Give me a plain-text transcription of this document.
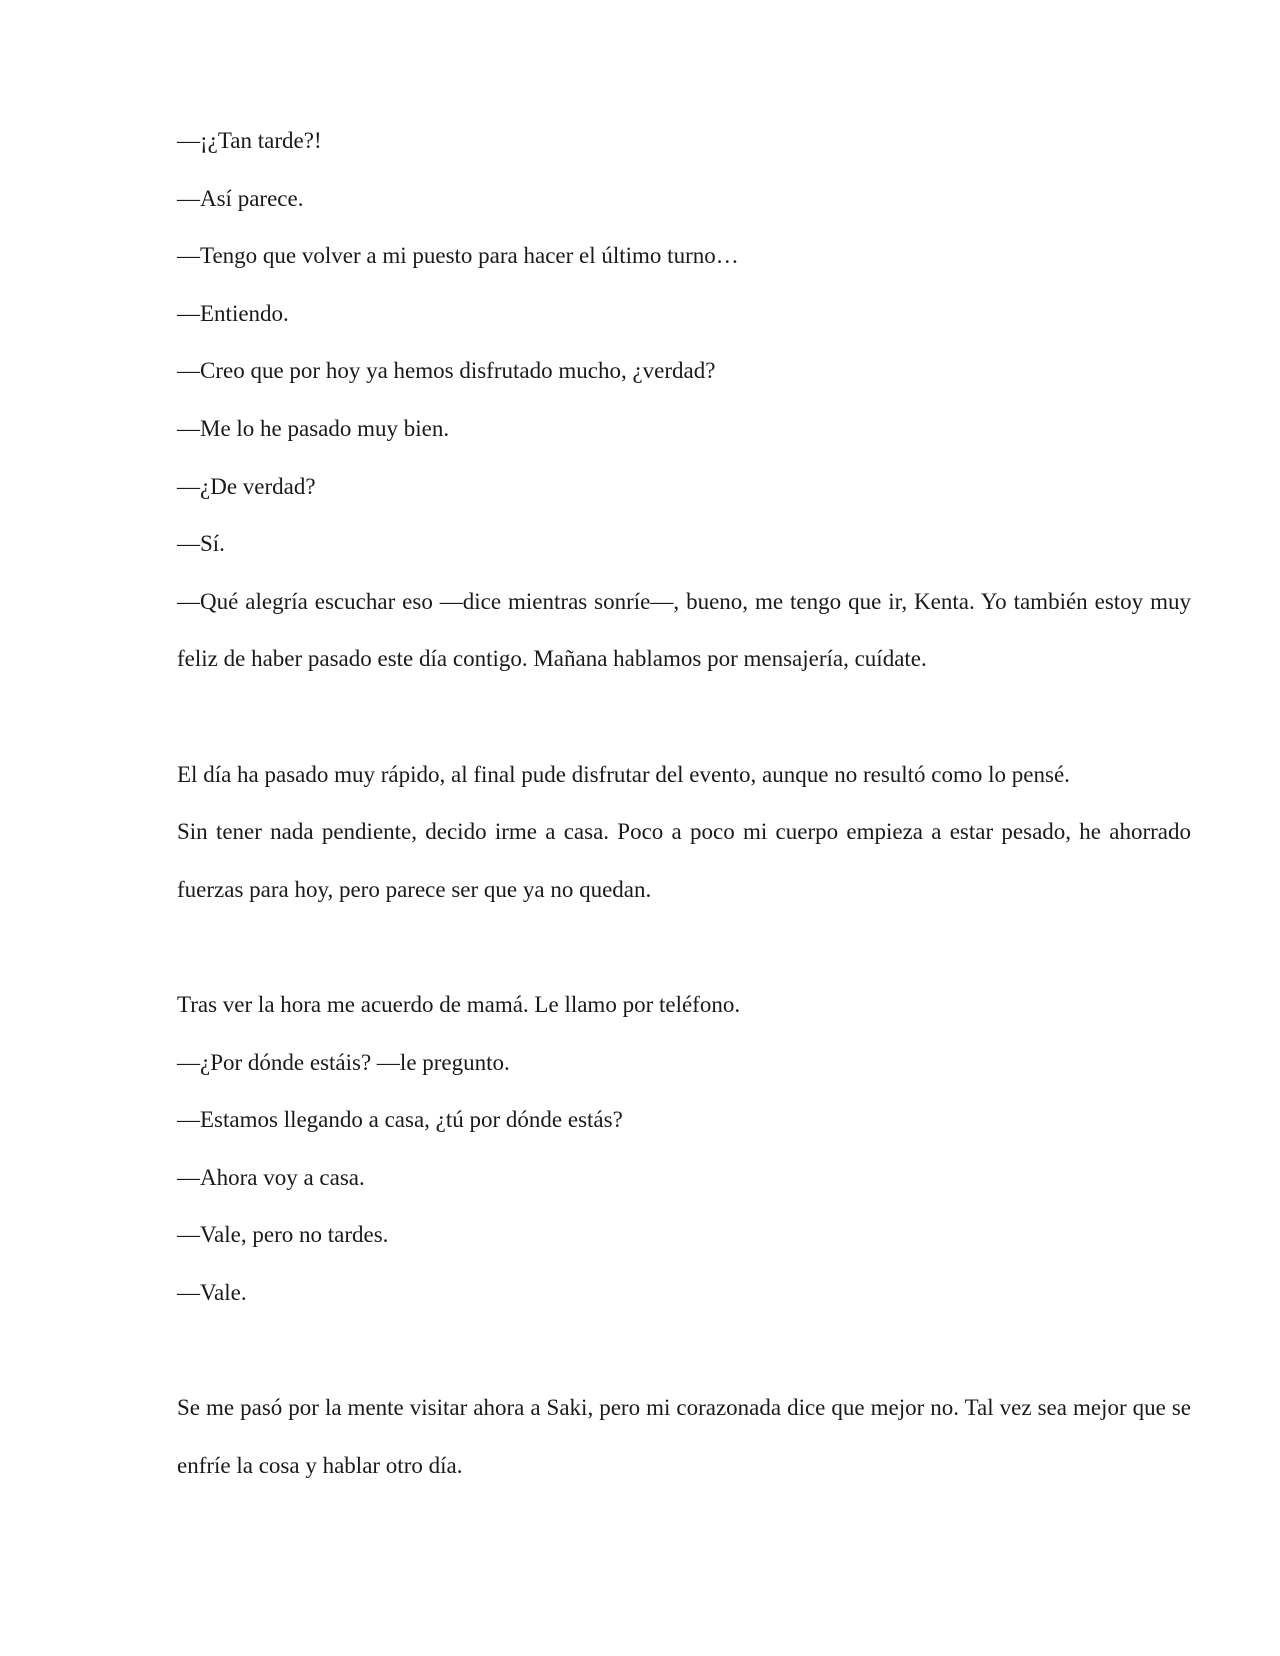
—¡¿Tan tarde?!

—Así parece.

—Tengo que volver a mi puesto para hacer el último turno…

—Entiendo.

—Creo que por hoy ya hemos disfrutado mucho, ¿verdad?

—Me lo he pasado muy bien.

—¿De verdad?

—Sí.

—Qué alegría escuchar eso —dice mientras sonríe—, bueno, me tengo que ir, Kenta. Yo también estoy muy feliz de haber pasado este día contigo. Mañana hablamos por mensajería, cuídate.

El día ha pasado muy rápido, al final pude disfrutar del evento, aunque no resultó como lo pensé.

Sin tener nada pendiente, decido irme a casa. Poco a poco mi cuerpo empieza a estar pesado, he ahorrado fuerzas para hoy, pero parece ser que ya no quedan.

Tras ver la hora me acuerdo de mamá. Le llamo por teléfono.

—¿Por dónde estáis? —le pregunto.

—Estamos llegando a casa, ¿tú por dónde estás?

—Ahora voy a casa.

—Vale, pero no tardes.

—Vale.

Se me pasó por la mente visitar ahora a Saki, pero mi corazonada dice que mejor no. Tal vez sea mejor que se enfríe la cosa y hablar otro día.
